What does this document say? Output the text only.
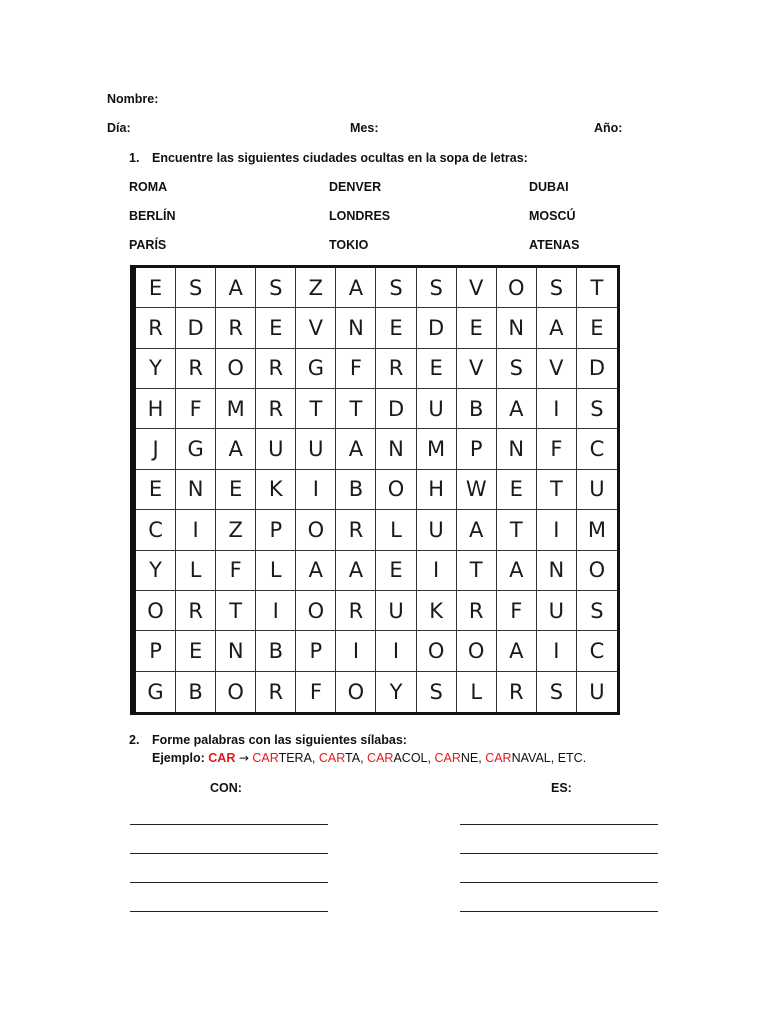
Nombre:
Día:	Mes:	Año:
1. Encuentre las siguientes ciudades ocultas en la sopa de letras:
ROMA	DENVER	DUBAI
BERLÍN	LONDRES	MOSCÚ
PARÍS	TOKIO	ATENAS
E	S	A	S	Z	A	S	S	V	O	S	T
R	D	R	E	V	N	E	D	E	N	A	E
Y	R	O	R	G	F	R	E	V	S	V	D
H	F	M	R	T	T	D	U	B	A	I	S
J	G	A	U	U	A	N	M	P	N	F	C
E	N	E	K	I	B	O	H	W	E	T	U
C	I	Z	P	O	R	L	U	A	T	I	M
Y	L	F	L	A	A	E	I	T	A	N	O
O	R	T	I	O	R	U	K	R	F	U	S
P	E	N	B	P	I	I	O	O	A	I	C
G	B	O	R	F	O	Y	S	L	R	S	U
2. Forme palabras con las siguientes sílabas:
Ejemplo: CAR → CARTERA, CARTA, CARACOL, CARNE, CARNAVAL, ETC.
CON:	ES:
